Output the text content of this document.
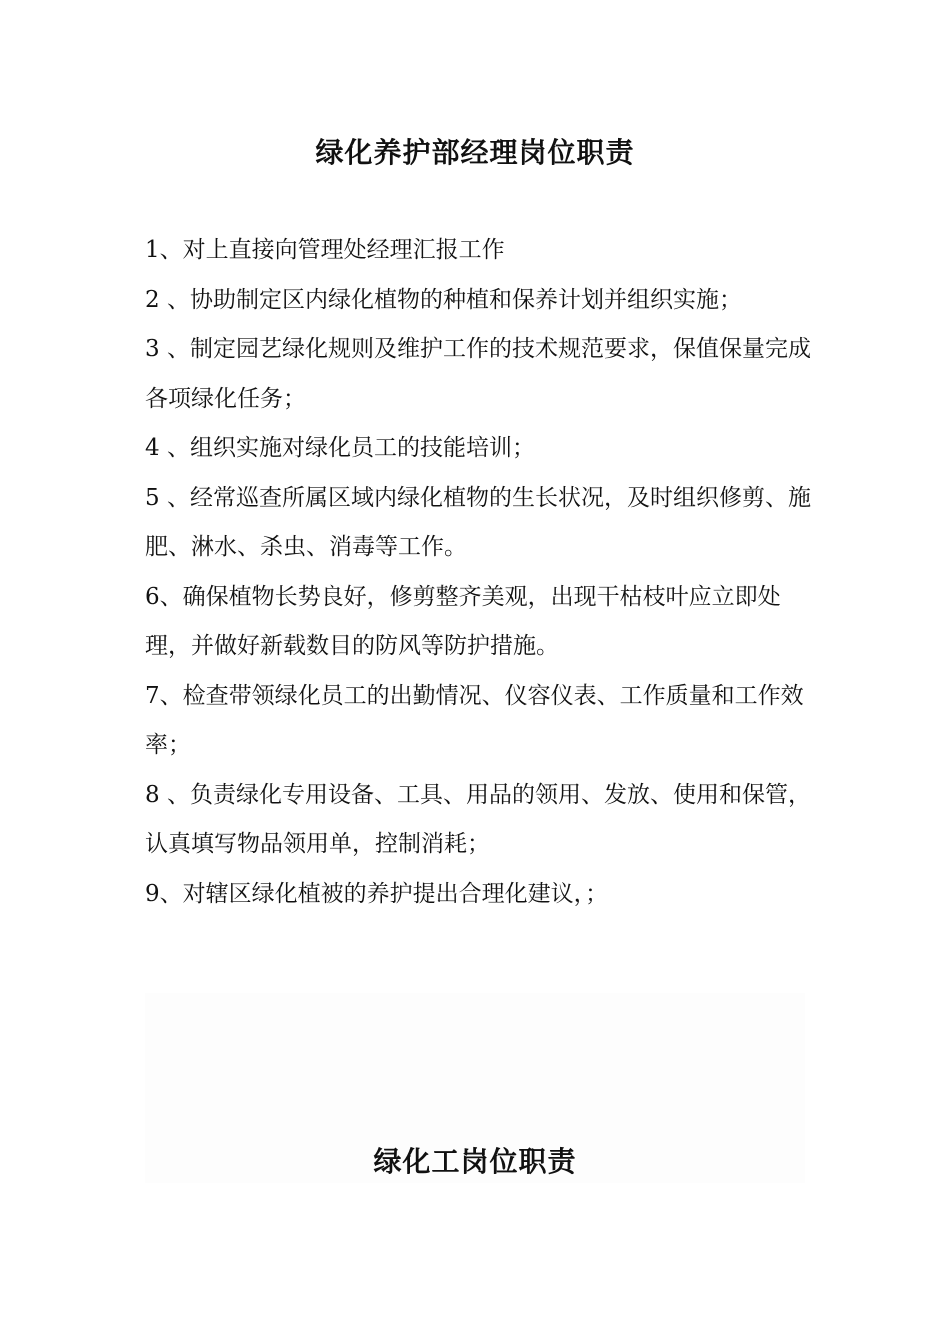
绿化养护部经理岗位职责

1、对上直接向管理处经理汇报工作

2 、协助制定区内绿化植物的种植和保养计划并组织实施；

3 、制定园艺绿化规则及维护工作的技术规范要求，保值保量完成各项绿化任务；

4 、组织实施对绿化员工的技能培训；

5 、经常巡查所属区域内绿化植物的生长状况，及时组织修剪、施肥、淋水、杀虫、消毒等工作。

6、确保植物长势良好，修剪整齐美观，出现干枯枝叶应立即处理，并做好新载数目的防风等防护措施。

7、检查带领绿化员工的出勤情况、仪容仪表、工作质量和工作效率；

8 、负责绿化专用设备、工具、用品的领用、发放、使用和保管，认真填写物品领用单，控制消耗；

9、对辖区绿化植被的养护提出合理化建议，；

绿化工岗位职责
